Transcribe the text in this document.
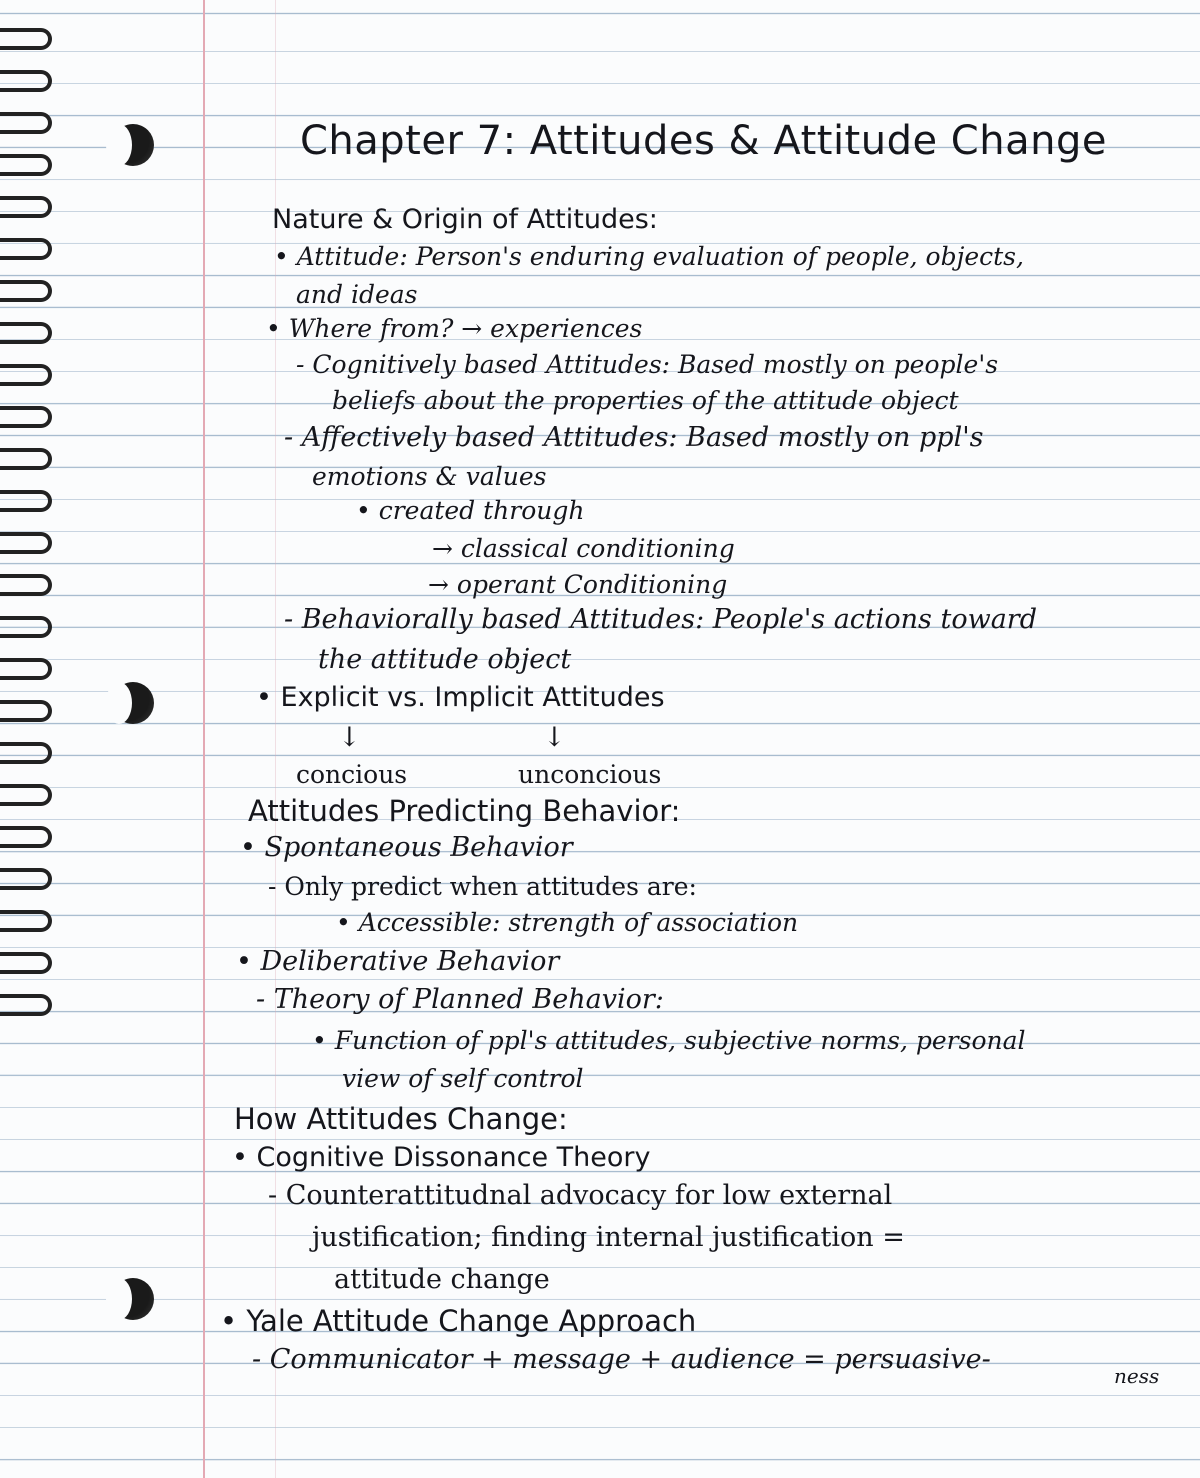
Chapter 7: Attitudes & Attitude Change
Nature & Origin of Attitudes:
• Attitude: Person's enduring evaluation of people, objects,
and ideas
• Where from? → experiences
- Cognitively based Attitudes: Based mostly on people's
beliefs about the properties of the attitude object
- Affectively based Attitudes: Based mostly on ppl's
emotions & values
• created through
→ classical conditioning
→ operant Conditioning
- Behaviorally based Attitudes: People's actions toward
the attitude object
• Explicit vs. Implicit Attitudes
↓	↓
concious	unconcious
Attitudes Predicting Behavior:
• Spontaneous Behavior
- Only predict when attitudes are:
• Accessible: strength of association
• Deliberative Behavior
- Theory of Planned Behavior:
• Function of ppl's attitudes, subjective norms, personal
view of self control
How Attitudes Change:
• Cognitive Dissonance Theory
- Counterattitudnal advocacy for low external
justification; finding internal justification =
attitude change
• Yale Attitude Change Approach
- Communicator + message + audience = persuasive-
ness
